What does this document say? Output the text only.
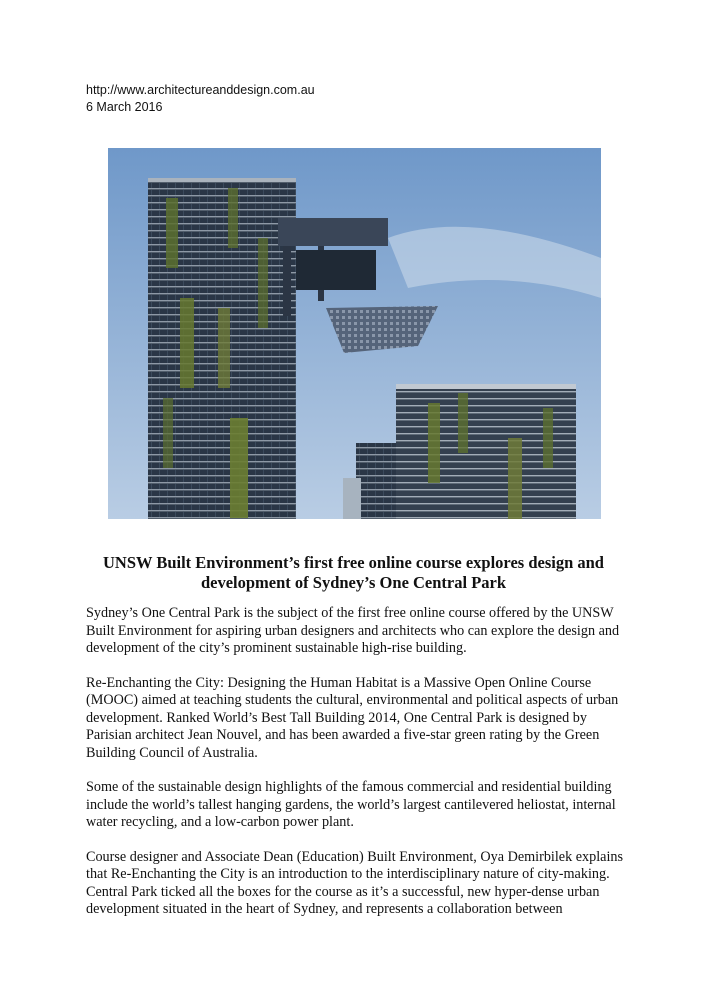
http://www.architectureanddesign.com.au
6 March 2016
UNSW Built Environment’s first free online course explores design and
development of Sydney’s One Central Park

Sydney’s One Central Park is the subject of the first free online course offered by the UNSW Built Environment for aspiring urban designers and architects who can explore the design and development of the city’s prominent sustainable high-rise building.

Re-Enchanting the City: Designing the Human Habitat is a Massive Open Online Course (MOOC) aimed at teaching students the cultural, environmental and political aspects of urban development. Ranked World’s Best Tall Building 2014, One Central Park is designed by Parisian architect Jean Nouvel, and has been awarded a five-star green rating by the Green Building Council of Australia.

Some of the sustainable design highlights of the famous commercial and residential building include the world’s tallest hanging gardens, the world’s largest cantilevered heliostat, internal water recycling, and a low-carbon power plant.

Course designer and Associate Dean (Education) Built Environment, Oya Demirbilek explains that Re-Enchanting the City is an introduction to the interdisciplinary nature of city-making. Central Park ticked all the boxes for the course as it’s a successful, new hyper-dense urban development situated in the heart of Sydney, and represents a collaboration between
